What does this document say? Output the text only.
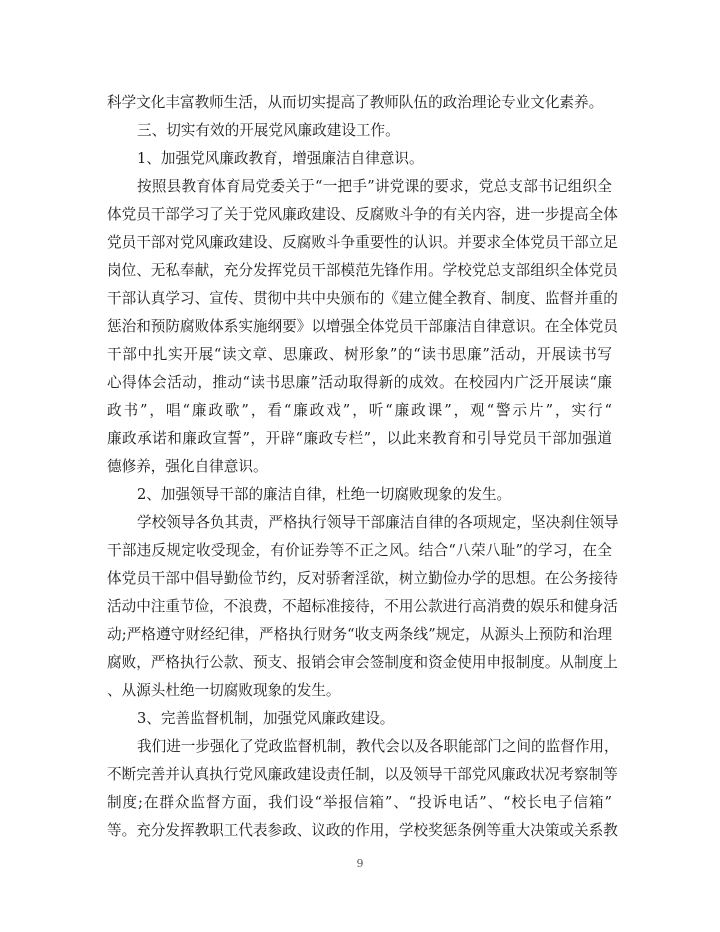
科学文化丰富教师生活，从而切实提高了教师队伍的政治理论专业文化素养。
三、切实有效的开展党风廉政建设工作。
1、加强党风廉政教育，增强廉洁自律意识。
按照县教育体育局党委关于“一把手”讲党课的要求，党总支部书记组织全
体党员干部学习了关于党风廉政建设、反腐败斗争的有关内容，进一步提高全体
党员干部对党风廉政建设、反腐败斗争重要性的认识。并要求全体党员干部立足
岗位、无私奉献，充分发挥党员干部模范先锋作用。学校党总支部组织全体党员
干部认真学习、宣传、贯彻中共中央颁布的《建立健全教育、制度、监督并重的
惩治和预防腐败体系实施纲要》以增强全体党员干部廉洁自律意识。在全体党员
干部中扎实开展“读文章、思廉政、树形象”的“读书思廉”活动，开展读书写
心得体会活动，推动“读书思廉”活动取得新的成效。在校园内广泛开展读“廉
政书”，唱“廉政歌”，看“廉政戏”，听“廉政课”，观“警示片”，实行“
廉政承诺和廉政宣誓”，开辟“廉政专栏”，以此来教育和引导党员干部加强道
德修养，强化自律意识。
2、加强领导干部的廉洁自律，杜绝一切腐败现象的发生。
学校领导各负其责，严格执行领导干部廉洁自律的各项规定，坚决刹住领导
干部违反规定收受现金，有价证券等不正之风。结合“八荣八耻”的学习，在全
体党员干部中倡导勤俭节约，反对骄奢淫欲，树立勤俭办学的思想。在公务接待
活动中注重节俭，不浪费，不超标准接待，不用公款进行高消费的娱乐和健身活
动;严格遵守财经纪律，严格执行财务“收支两条线”规定，从源头上预防和治理
腐败，严格执行公款、预支、报销会审会签制度和资金使用申报制度。从制度上
、从源头杜绝一切腐败现象的发生。
3、完善监督机制，加强党风廉政建设。
我们进一步强化了党政监督机制，教代会以及各职能部门之间的监督作用，
不断完善并认真执行党风廉政建设责任制，以及领导干部党风廉政状况考察制等
制度;在群众监督方面，我们设“举报信箱”、“投诉电话”、“校长电子信箱”
等。充分发挥教职工代表参政、议政的作用，学校奖惩条例等重大决策或关系教
9
